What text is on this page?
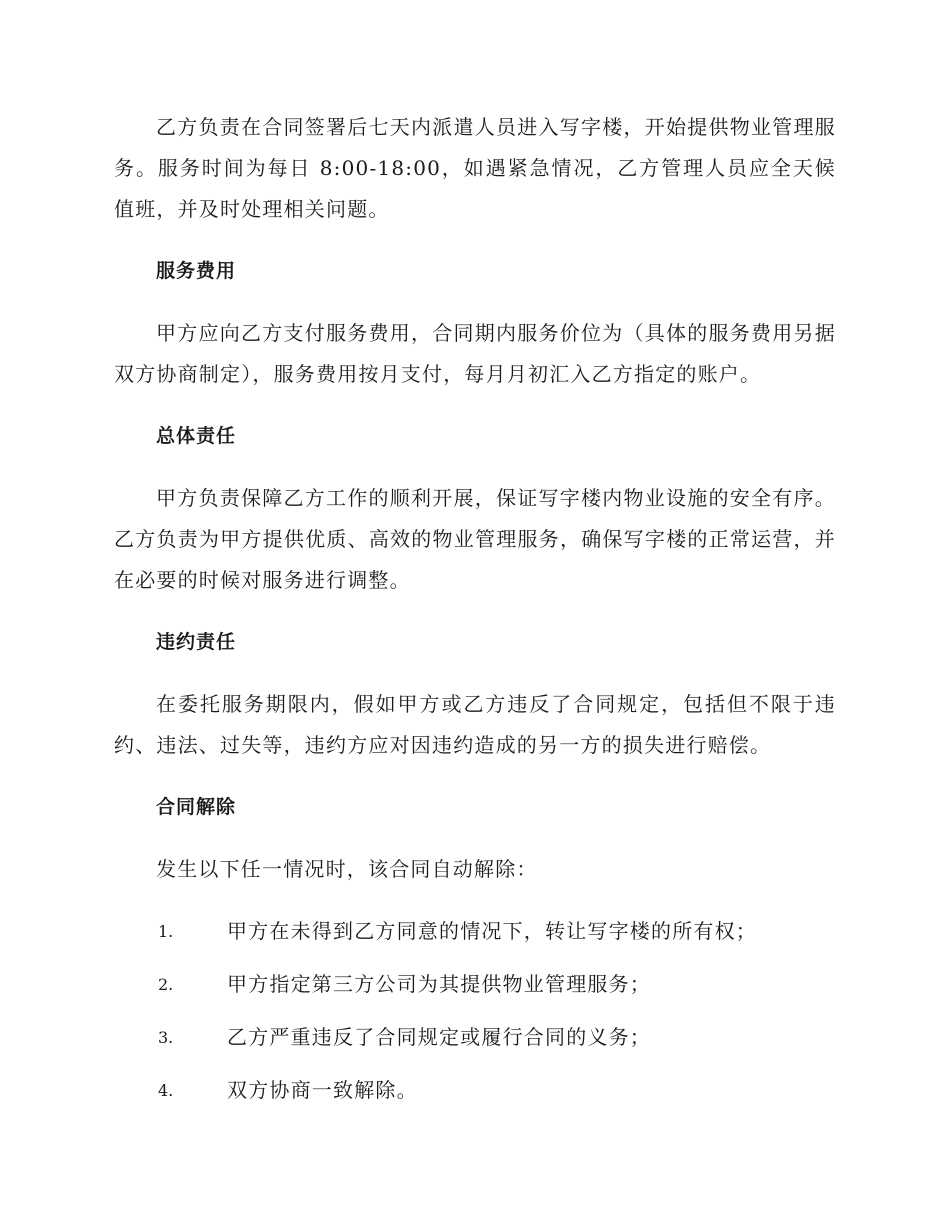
乙方负责在合同签署后七天内派遣人员进入写字楼，开始提供物业管理服务。服务时间为每日 8:00-18:00，如遇紧急情况，乙方管理人员应全天候值班，并及时处理相关问题。

服务费用

甲方应向乙方支付服务费用，合同期内服务价位为（具体的服务费用另据双方协商制定），服务费用按月支付，每月月初汇入乙方指定的账户。

总体责任

甲方负责保障乙方工作的顺利开展，保证写字楼内物业设施的安全有序。乙方负责为甲方提供优质、高效的物业管理服务，确保写字楼的正常运营，并在必要的时候对服务进行调整。

违约责任

在委托服务期限内，假如甲方或乙方违反了合同规定，包括但不限于违约、违法、过失等，违约方应对因违约造成的另一方的损失进行赔偿。

合同解除

发生以下任一情况时，该合同自动解除：

1.	甲方在未得到乙方同意的情况下，转让写字楼的所有权；
2.	甲方指定第三方公司为其提供物业管理服务；
3.	乙方严重违反了合同规定或履行合同的义务；
4.	双方协商一致解除。
